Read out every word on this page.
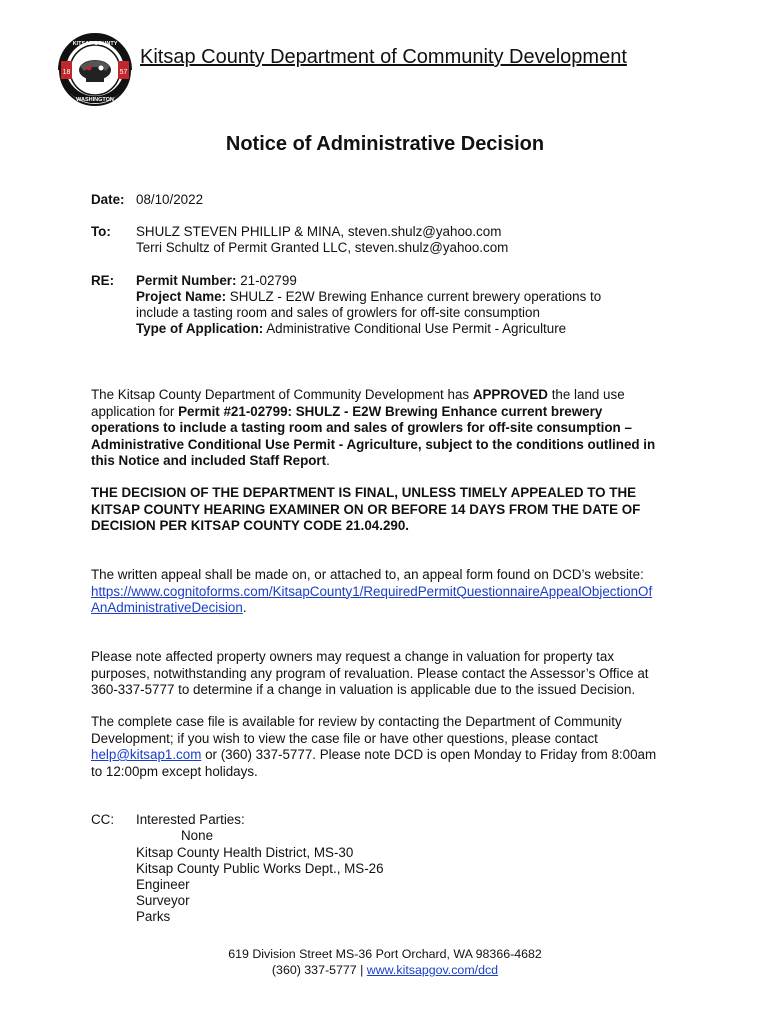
18	57
KITSAP COUNTY
WASHINGTON
Kitsap County Department of Community Development
Notice of Administrative Decision
Date: 08/10/2022
To: SHULZ STEVEN PHILLIP & MINA, steven.shulz@yahoo.com
Terri Schultz of Permit Granted LLC, steven.shulz@yahoo.com
RE: Permit Number: 21-02799
Project Name: SHULZ - E2W Brewing Enhance current brewery operations to
include a tasting room and sales of growlers for off-site consumption
Type of Application: Administrative Conditional Use Permit - Agriculture
The Kitsap County Department of Community Development has APPROVED the land use
application for Permit #21-02799: SHULZ - E2W Brewing Enhance current brewery
operations to include a tasting room and sales of growlers for off-site consumption –
Administrative Conditional Use Permit - Agriculture, subject to the conditions outlined in
this Notice and included Staff Report.
THE DECISION OF THE DEPARTMENT IS FINAL, UNLESS TIMELY APPEALED TO THE
KITSAP COUNTY HEARING EXAMINER ON OR BEFORE 14 DAYS FROM THE DATE OF
DECISION PER KITSAP COUNTY CODE 21.04.290.
The written appeal shall be made on, or attached to, an appeal form found on DCD’s website:
https://www.cognitoforms.com/KitsapCounty1/RequiredPermitQuestionnaireAppealObjectionOf
AnAdministrativeDecision.
Please note affected property owners may request a change in valuation for property tax
purposes, notwithstanding any program of revaluation. Please contact the Assessor’s Office at
360-337-5777 to determine if a change in valuation is applicable due to the issued Decision.
The complete case file is available for review by contacting the Department of Community
Development; if you wish to view the case file or have other questions, please contact
help@kitsap1.com or (360) 337-5777. Please note DCD is open Monday to Friday from 8:00am
to 12:00pm except holidays.
CC: Interested Parties:
None
Kitsap County Health District, MS-30
Kitsap County Public Works Dept., MS-26
Engineer
Surveyor
Parks
619 Division Street MS-36 Port Orchard, WA 98366-4682
(360) 337-5777 | www.kitsapgov.com/dcd
